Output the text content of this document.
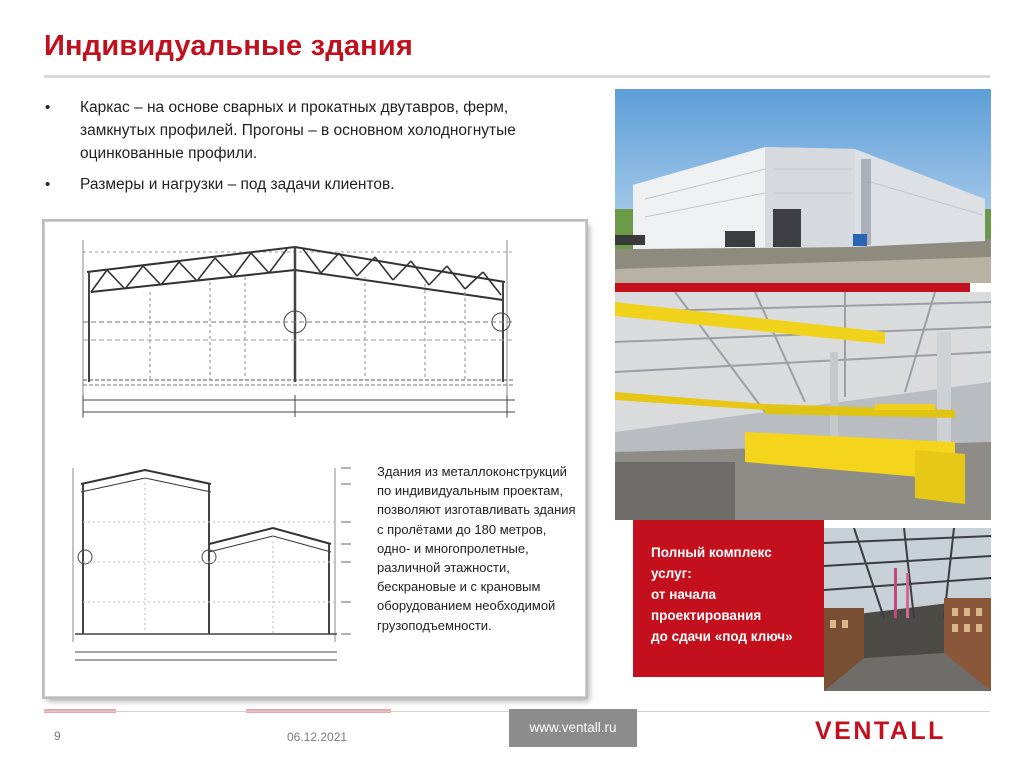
Индивидуальные здания
• Каркас – на основе сварных и прокатных двутавров, ферм, замкнутых профилей. Прогоны – в основном холодногнутые оцинкованные профили.
• Размеры и нагрузки – под задачи клиентов.
Здания из металлоконструкций по индивидуальным проектам, позволяют изготавливать здания с пролётами до 180 метров, одно- и многопролетные, различной этажности, бескрановые и с крановым оборудованием необходимой грузоподъемности.
Полный комплекс
услуг:
от начала
проектирования
до сдачи «под ключ»
9	06.12.2021
www.ventall.ru	VENTALL
